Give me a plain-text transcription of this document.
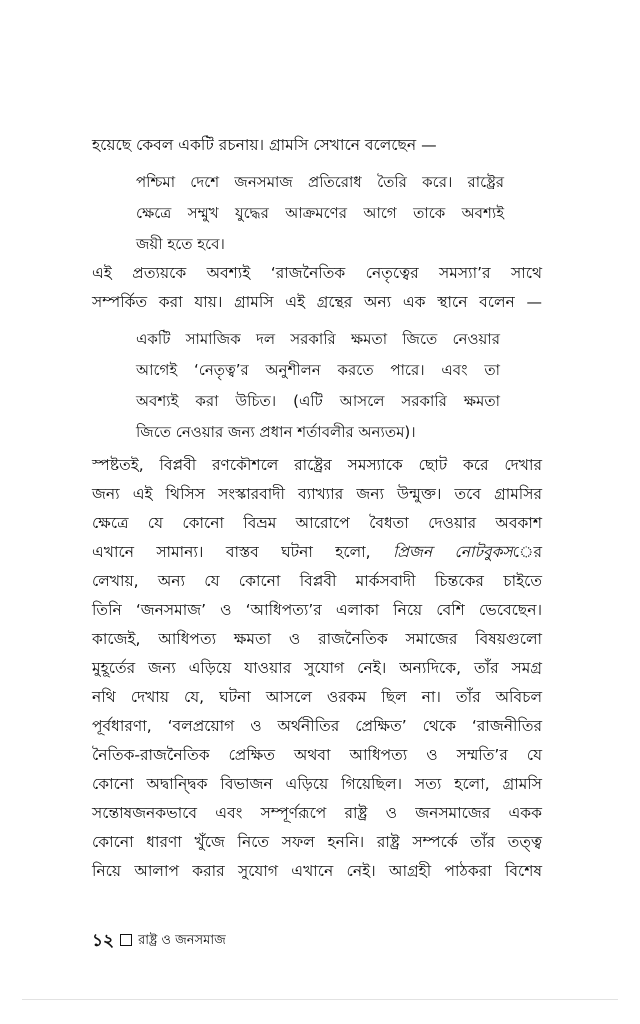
হয়েছে কেবল একটি রচনায়। গ্রামসি সেখানে বলেছেন —
পশ্চিমা দেশে জনসমাজ প্রতিরোধ তৈরি করে। রাষ্ট্রের
ক্ষেত্রে সম্মুখ যুদ্ধের আক্রমণের আগে তাকে অবশ্যই
জয়ী হতে হবে।
এই প্রত্যয়কে অবশ্যই ‘রাজনৈতিক নেতৃত্বের সমস্যা’র সাথে
সম্পর্কিত করা যায়। গ্রামসি এই গ্রন্থের অন্য এক স্থানে বলেন —
একটি সামাজিক দল সরকারি ক্ষমতা জিতে নেওয়ার
আগেই ‘নেতৃত্ব’র অনুশীলন করতে পারে। এবং তা
অবশ্যই করা উচিত। (এটি আসলে সরকারি ক্ষমতা
জিতে নেওয়ার জন্য প্রধান শর্তাবলীর অন্যতম)।
স্পষ্টতই, বিপ্লবী রণকৌশলে রাষ্ট্রের সমস্যাকে ছোট করে দেখার
জন্য এই থিসিস সংস্কারবাদী ব্যাখ্যার জন্য উন্মুক্ত। তবে গ্রামসির
ক্ষেত্রে যে কোনো বিভ্রম আরোপে বৈধতা দেওয়ার অবকাশ
এখানে সামান্য। বাস্তব ঘটনা হলো, প্রিজন নোটবুকসের
লেখায়, অন্য যে কোনো বিপ্লবী মার্কসবাদী চিন্তকের চাইতে
তিনি ‘জনসমাজ’ ও ‘আধিপত্য’র এলাকা নিয়ে বেশি ভেবেছেন।
কাজেই, আধিপত্য ক্ষমতা ও রাজনৈতিক সমাজের বিষয়গুলো
মুহূর্তের জন্য এড়িয়ে যাওয়ার সুযোগ নেই। অন্যদিকে, তাঁর সমগ্র
নথি দেখায় যে, ঘটনা আসলে ওরকম ছিল না। তাঁর অবিচল
পূর্বধারণা, ‘বলপ্রয়োগ ও অর্থনীতির প্রেক্ষিত’ থেকে ‘রাজনীতির
নৈতিক-রাজনৈতিক প্রেক্ষিত অথবা আধিপত্য ও সম্মতি’র যে
কোনো অদ্বান্দ্বিক বিভাজন এড়িয়ে গিয়েছিল। সত্য হলো, গ্রামসি
সন্তোষজনকভাবে এবং সম্পূর্ণরূপে রাষ্ট্র ও জনসমাজের একক
কোনো ধারণা খুঁজে নিতে সফল হননি। রাষ্ট্র সম্পর্কে তাঁর তত্ত্ব
নিয়ে আলাপ করার সুযোগ এখানে নেই। আগ্রহী পাঠকরা বিশেষ
১২ রাষ্ট্র ও জনসমাজ
